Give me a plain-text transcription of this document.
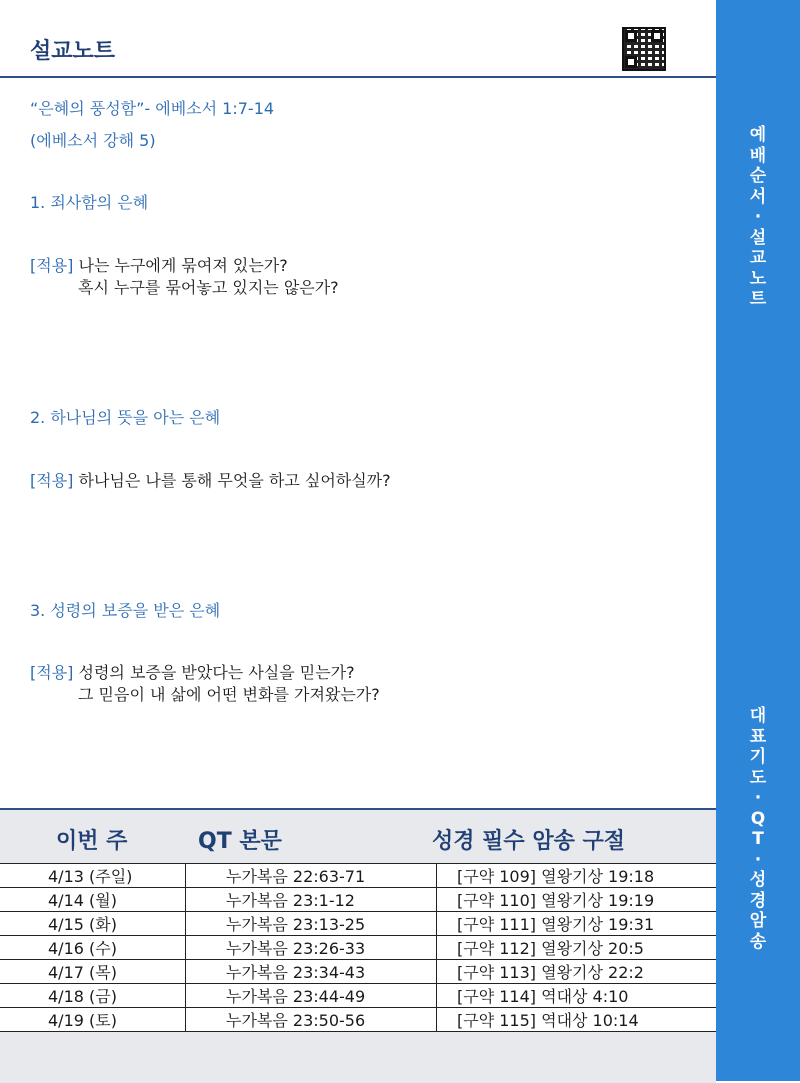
설교노트
“은혜의 풍성함”- 에베소서 1:7-14
(에베소서 강해 5)
1. 죄사함의 은혜
[적용] 나는 누구에게 묶여져 있는가?
혹시 누구를 묶어놓고 있지는 않은가?
2. 하나님의 뜻을 아는 은혜
[적용] 하나님은 나를 통해 무엇을 하고 싶어하실까?
3. 성령의 보증을 받은 은혜
[적용] 성령의 보증을 받았다는 사실을 믿는가?
그 믿음이 내 삶에 어떤 변화를 가져왔는가?
예
배
순
서
·
설
교
노
트
대
표
기
도
·
Q
T
·
성
경
암
송
이번 주	QT 본문	성경 필수 암송 구절
4/13 (주일)	누가복음 22:63-71	[구약 109] 열왕기상 19:18
4/14 (월)	누가복음 23:1-12	[구약 110] 열왕기상 19:19
4/15 (화)	누가복음 23:13-25	[구약 111] 열왕기상 19:31
4/16 (수)	누가복음 23:26-33	[구약 112] 열왕기상 20:5
4/17 (목)	누가복음 23:34-43	[구약 113] 열왕기상 22:2
4/18 (금)	누가복음 23:44-49	[구약 114] 역대상 4:10
4/19 (토)	누가복음 23:50-56	[구약 115] 역대상 10:14
